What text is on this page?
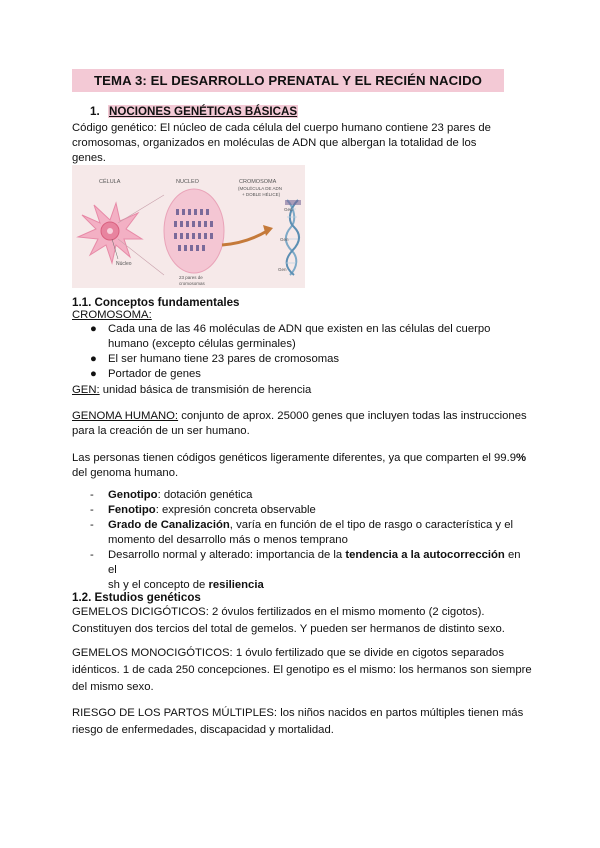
TEMA 3: EL DESARROLLO PRENATAL Y EL RECIÉN NACIDO
1. NOCIONES GENÉTICAS BÁSICAS
Código genético: El núcleo de cada célula del cuerpo humano contiene 23 pares de
cromosomas, organizados en moléculas de ADN que albergan la totalidad de los
genes.
CÉLULA	NUCLEO	CROMOSOMA
(MOLÉCULA DE ADN
+ DOBLE HÉLICE)
Núcleo
23 pares de
cromosomas
Gen
Gen
Gen
1.1. Conceptos fundamentales
CROMOSOMA:
● Cada una de las 46 moléculas de ADN que existen en las células del cuerpo
humano (excepto células germinales)
● El ser humano tiene 23 pares de cromosomas
● Portador de genes
GEN: unidad básica de transmisión de herencia
GENOMA HUMANO: conjunto de aprox. 25000 genes que incluyen todas las instrucciones
para la creación de un ser humano.
Las personas tienen códigos genéticos ligeramente diferentes, ya que comparten el 99.9%
del genoma humano.
- Genotipo: dotación genética
- Fenotipo: expresión concreta observable
- Grado de Canalización, varía en función de el tipo de rasgo o característica y el
momento del desarrollo más o menos temprano
- Desarrollo normal y alterado: importancia de la tendencia a la autocorrección en el
sh y el concepto de resiliencia
1.2. Estudios genéticos
GEMELOS DICIGÓTICOS: 2 óvulos fertilizados en el mismo momento (2 cigotos).
Constituyen dos tercios del total de gemelos. Y pueden ser hermanos de distinto sexo.
GEMELOS MONOCIGÓTICOS: 1 óvulo fertilizado que se divide en cigotos separados
idénticos. 1 de cada 250 concepciones. El genotipo es el mismo: los hermanos son siempre
del mismo sexo.
RIESGO DE LOS PARTOS MÚLTIPLES: los niños nacidos en partos múltiples tienen más
riesgo de enfermedades, discapacidad y mortalidad.
